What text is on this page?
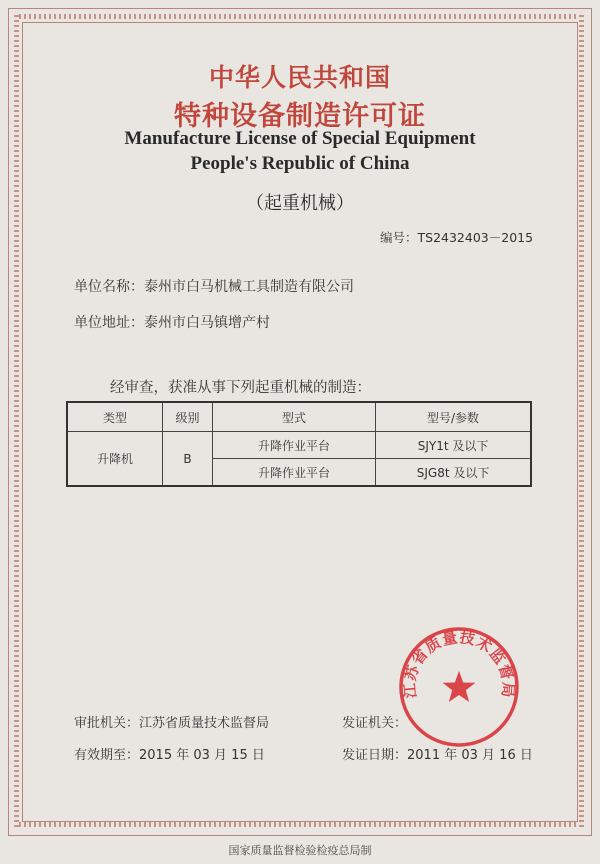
中华人民共和国
特种设备制造许可证
Manufacture License of Special Equipment
People's Republic of China
（起重机械）
编号：TS2432403－2015
单位名称：泰州市白马机械工具制造有限公司
单位地址：泰州市白马镇增产村
经审查，获准从事下列起重机械的制造：
类型	级别	型式	型号/参数
升降机	B	升降作业平台	SJY1t 及以下
		升降作业平台	SJG8t 及以下
江苏省质量技术监督局
审批机关：江苏省质量技术监督局	发证机关：
有效期至：2015 年 03 月 15 日	发证日期：2011 年 03 月 16 日
国家质量监督检验检疫总局制
